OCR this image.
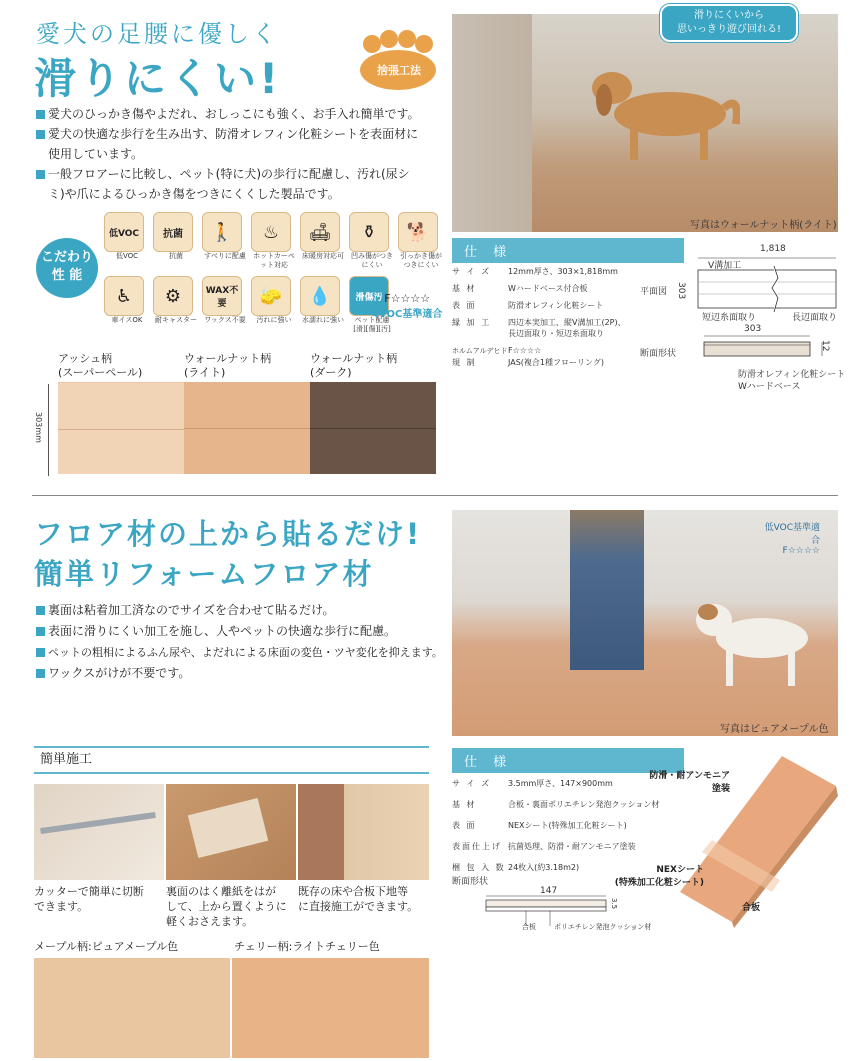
愛犬の足腰に優しく
滑りにくい!	捨張工法
愛犬のひっかき傷やよだれ、おしっこにも強く、お手入れ簡単です。
愛犬の快適な歩行を生み出す、防滑オレフィン化粧シートを表面材に
使用しています。
一般フロアーに比較し、ペット(特に犬)の歩行に配慮し、汚れ(尿シ
ミ)や爪によるひっかき傷をつきにくくした製品です。
こだわり
性 能
低VOC
低VOC
抗菌
抗菌
🚶
すべりに配慮
♨
ホットカーペット対応
🛋
床暖房対応可
⚱
凹み傷がつきにくい
🐕
引っかき傷がつきにくい
♿
車イスOK
⚙
耐キャスター
WAX不要
ワックス不要
🧽
汚れに強い
💧
水濡れに強い
滑傷汚
ペット配慮[滑][傷][汚]
F☆☆☆☆
4VOC基準適合
アッシュ柄
(スーパーペール)
ウォールナット柄
(ライト)
ウォールナット柄
(ダーク)
303mm
滑りにくいから
思いっきり遊び回れる!
写真はウォールナット柄(ライト)
仕 様
サ イ ズ 12mm厚さ、303×1,818mm
基 材	Wハードベース付合板
表 面	防滑オレフィン化粧シート
縁 加 工 四辺本実加工、縦V溝加工(2P)、
長辺面取り・短辺糸面取り
ホルムアルデヒドF☆☆☆☆
規 制	JAS(複合1種フローリング)
平面図
1,818
303
V溝加工
短辺糸面取り	長辺面取り
断面形状
303
12
防滑オレフィン化粧シート
Wハードベース
フロア材の上から貼るだけ!
簡単リフォームフロア材
裏面は粘着加工済なのでサイズを合わせて貼るだけ。
表面に滑りにくい加工を施し、人やペットの快適な歩行に配慮。
ペットの粗相によるふん尿や、よだれによる床面の変色・ツヤ変化を抑えます。
ワックスがけが不要です。
低VOC基準適合
F☆☆☆☆
写真はピュアメープル色
簡単施工
カッターで簡単に切断
できます。
裏面のはく離紙をはが
して、上から置くように
軽くおさえます。
既存の床や合板下地等
に直接施工ができます。
メープル柄:ピュアメープル色	チェリー柄:ライトチェリー色
仕 様
サ イ ズ 3.5mm厚さ、147×900mm
基 材	合板・裏面ポリエチレン発泡クッション材
表 面	NEXシート(特殊加工化粧シート)
表面仕上げ 抗菌処理、防滑・耐アンモニア塗装
梱 包 入 数 24枚入(約3.18m2)
断面形状
147
3.5
合板	ポリエチレン発泡クッション材
防滑・耐アンモニア
塗装
NEXシート
(特殊加工化粧シート)
合板
